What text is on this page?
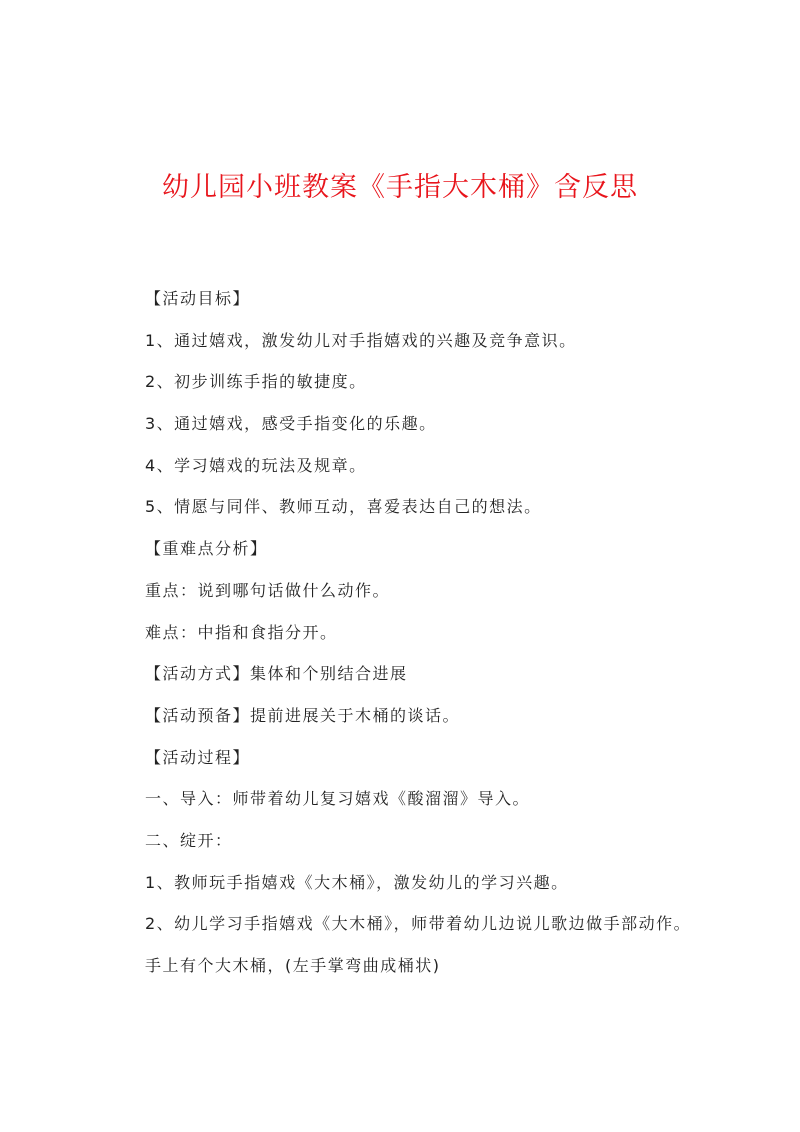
幼儿园小班教案《手指大木桶》含反思
【活动目标】
1、通过嬉戏，激发幼儿对手指嬉戏的兴趣及竞争意识。
2、初步训练手指的敏捷度。
3、通过嬉戏，感受手指变化的乐趣。
4、学习嬉戏的玩法及规章。
5、情愿与同伴、教师互动，喜爱表达自己的想法。
【重难点分析】
重点：说到哪句话做什么动作。
难点：中指和食指分开。
【活动方式】集体和个别结合进展
【活动预备】提前进展关于木桶的谈话。
【活动过程】
一、导入：师带着幼儿复习嬉戏《酸溜溜》导入。
二、绽开：
1、教师玩手指嬉戏《大木桶》，激发幼儿的学习兴趣。
2、幼儿学习手指嬉戏《大木桶》，师带着幼儿边说儿歌边做手部动作。
手上有个大木桶，(左手掌弯曲成桶状)
